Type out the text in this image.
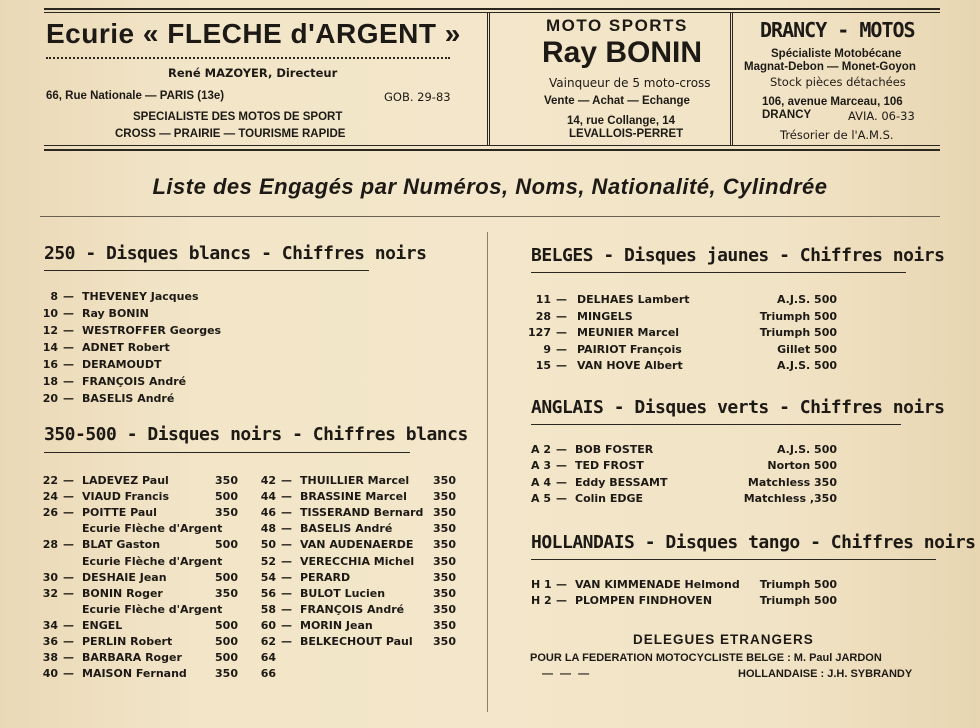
Ecurie « FLECHE d'ARGENT »
René MAZOYER, Directeur
66, Rue Nationale — PARIS (13e)	GOB. 29-83
SPECIALISTE DES MOTOS DE SPORT
CROSS — PRAIRIE — TOURISME RAPIDE
MOTO SPORTS
Ray BONIN
Vainqueur de 5 moto-cross
Vente — Achat — Echange
14, rue Collange, 14
LEVALLOIS-PERRET
DRANCY - MOTOS
Spécialiste Motobécane
Magnat-Debon — Monet-Goyon
Stock pièces détachées
106, avenue Marceau, 106
DRANCY	AVIA. 06-33
Trésorier de l'A.M.S.
Liste des Engagés par Numéros, Noms, Nationalité, Cylindrée
250 - Disques blancs - Chiffres noirs
8 — THEVENEY Jacques
10 — Ray BONIN
12 — WESTROFFER Georges
14 — ADNET Robert
16 — DERAMOUDT
18 — FRANÇOIS André
20 — BASELIS André
350-500 - Disques noirs - Chiffres blancs
22 — LADEVEZ Paul	350
24 — VIAUD Francis	500
26 — POITTE Paul	350
Ecurie Flèche d'Argent
28 — BLAT Gaston	500
Ecurie Flèche d'Argent
30 — DESHAIE Jean	500
32 — BONIN Roger	350
Ecurie Flèche d'Argent
34 — ENGEL	500
36 — PERLIN Robert	500
38 — BARBARA Roger	500
40 — MAISON Fernand	350
42 — THUILLIER Marcel	350
44 — BRASSINE Marcel	350
46 — TISSERAND Bernard 350
48 — BASELIS André	350
50 — VAN AUDENAERDE	350
52 — VERECCHIA Michel	350
54 — PERARD	350
56 — BULOT Lucien	350
58 — FRANÇOIS André	350
60 — MORIN Jean	350
62 — BELKECHOUT Paul	350
64
66
BELGES - Disques jaunes - Chiffres noirs
11 — DELHAES Lambert	A.J.S. 500
28 — MINGELS	Triumph 500
127 — MEUNIER Marcel	Triumph 500
9 — PAIRIOT François	Gillet 500
15 — VAN HOVE Albert	A.J.S. 500
ANGLAIS - Disques verts - Chiffres noirs
A 2 — BOB FOSTER	A.J.S. 500
A 3 — TED FROST	Norton 500
A 4 — Eddy BESSAMT	Matchless 350
A 5 — Colin EDGE	Matchless ,350
HOLLANDAIS - Disques tango - Chiffres noirs
H 1 — VAN KIMMENADE Helmond	Triumph 500
H 2 — PLOMPEN FINDHOVEN	Triumph 500
DELEGUES ETRANGERS
POUR LA FEDERATION MOTOCYCLISTE BELGE : M. Paul JARDON
— — —	HOLLANDAISE : J.H. SYBRANDY
